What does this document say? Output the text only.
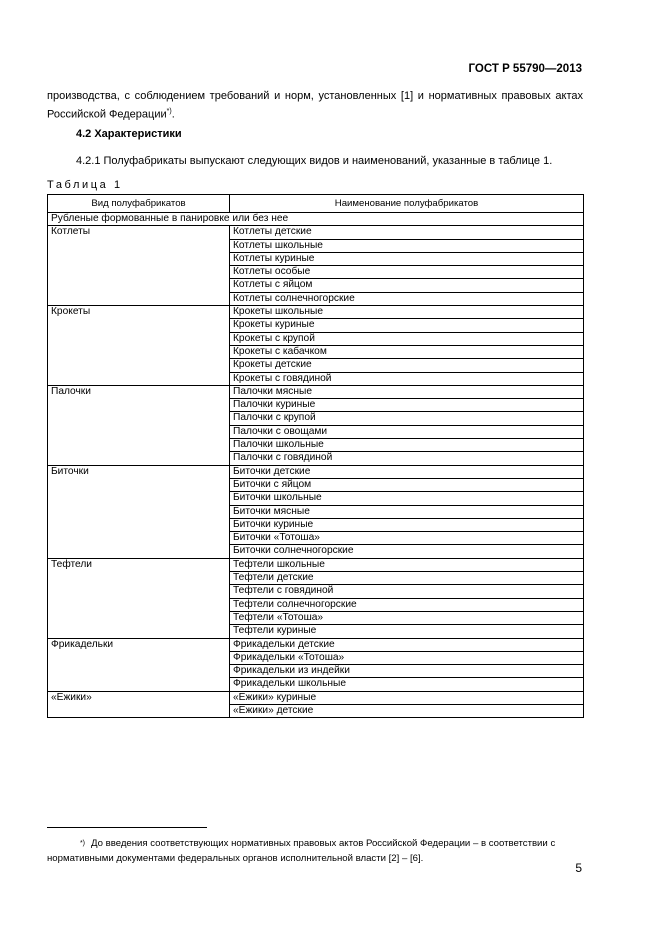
ГОСТ Р 55790—2013
производства, с соблюдением требований и норм, установленных [1] и нормативных правовых актах Российской Федерации*).
4.2 Характеристики
4.2.1 Полуфабрикаты выпускают следующих видов и наименований, указанные в таблице 1.
Таблица 1
Вид полуфабрикатов	Наименование полуфабрикатов
Рубленые формованные в панировке или без нее	
Котлеты	Котлеты детские
	Котлеты школьные
	Котлеты куриные
	Котлеты особые
	Котлеты с яйцом
	Котлеты солнечногорские
Крокеты	Крокеты школьные
	Крокеты куриные
	Крокеты с крупой
	Крокеты с кабачком
	Крокеты детские
	Крокеты с говядиной
Палочки	Палочки мясные
	Палочки куриные
	Палочки с крупой
	Палочки с овощами
	Палочки школьные
	Палочки с говядиной
Биточки	Биточки детские
	Биточки с яйцом
	Биточки школьные
	Биточки мясные
	Биточки куриные
	Биточки «Тотоша»
	Биточки солнечногорские
Тефтели	Тефтели школьные
	Тефтели детские
	Тефтели с говядиной
	Тефтели солнечногорские
	Тефтели «Тотоша»
	Тефтели куриные
Фрикадельки	Фрикадельки детские
	Фрикадельки «Тотоша»
	Фрикадельки из индейки
	Фрикадельки школьные
«Ежики»	«Ежики» куриные
	«Ежики» детские
*) До введения соответствующих нормативных правовых актов Российской Федерации – в соответствии с нормативными документами федеральных органов исполнительной власти [2] – [6].
5
